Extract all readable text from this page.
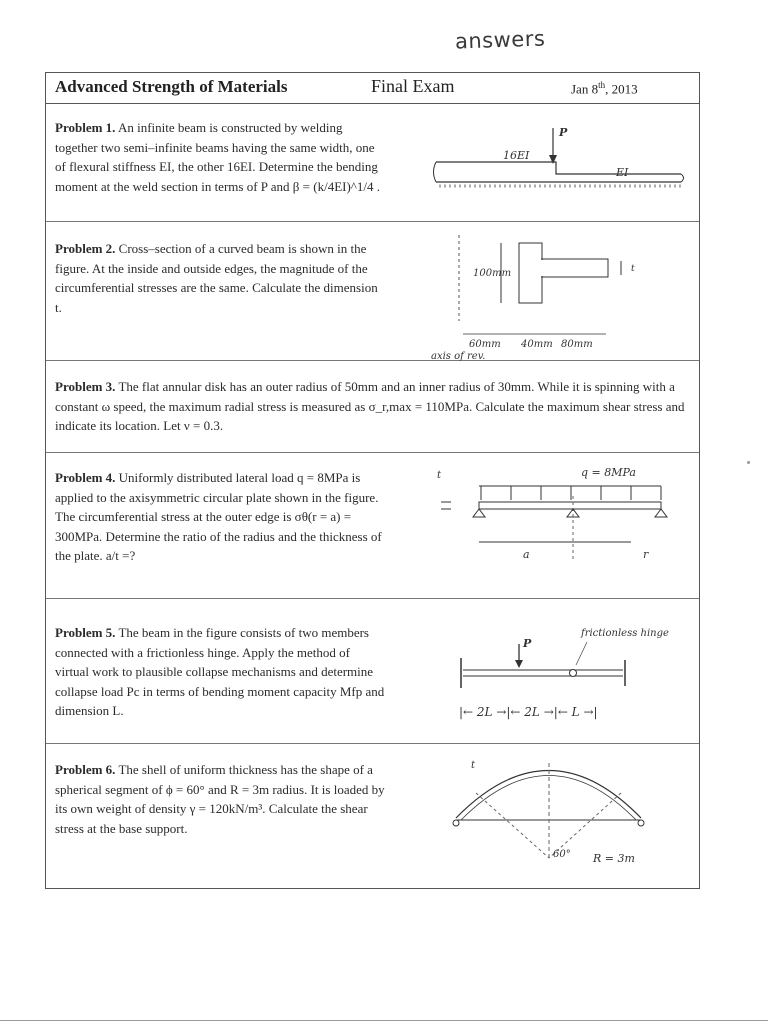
answers
Advanced Strength of Materials	Final Exam	Jan 8th, 2013
Problem 1. An infinite beam is constructed by welding together two semi–infinite beams having the same width, one of flexural stiffness EI, the other 16EI. Determine the bending moment at the weld section in terms of P and β = (k/4EI)^1/4 .
16EI
EI
P
Problem 2. Cross–section of a curved beam is shown in the figure. At the inside and outside edges, the magnitude of the circumferential stresses are the same. Calculate the dimension t.
100mm	t
60mm 40mm 80mm
axis of rev.
Problem 3. The flat annular disk has an outer radius of 50mm and an inner radius of 30mm. While it is spinning with a constant ω speed, the maximum radial stress is measured as σ_r,max = 110MPa. Calculate the maximum shear stress and indicate its location. Let ν = 0.3.
Problem 4. Uniformly distributed lateral load q = 8MPa is applied to the axisymmetric circular plate shown in the figure. The circumferential stress at the outer edge is σθ(r = a) = 300MPa. Determine the ratio of the radius and the thickness of the plate. a/t =?
q = 8MPa
t
a	r
Problem 5. The beam in the figure consists of two members connected with a frictionless hinge. Apply the method of virtual work to plausible collapse mechanisms and determine collapse load Pc in terms of bending moment capacity Mfp and dimension L.
frictionless hinge
P
|← 2L →|← 2L →|← L →|
Problem 6. The shell of uniform thickness has the shape of a spherical segment of ϕ = 60° and R = 3m radius. It is loaded by its own weight of density γ = 120kN/m³. Calculate the shear stress at the base support.
t
60° R = 3m
